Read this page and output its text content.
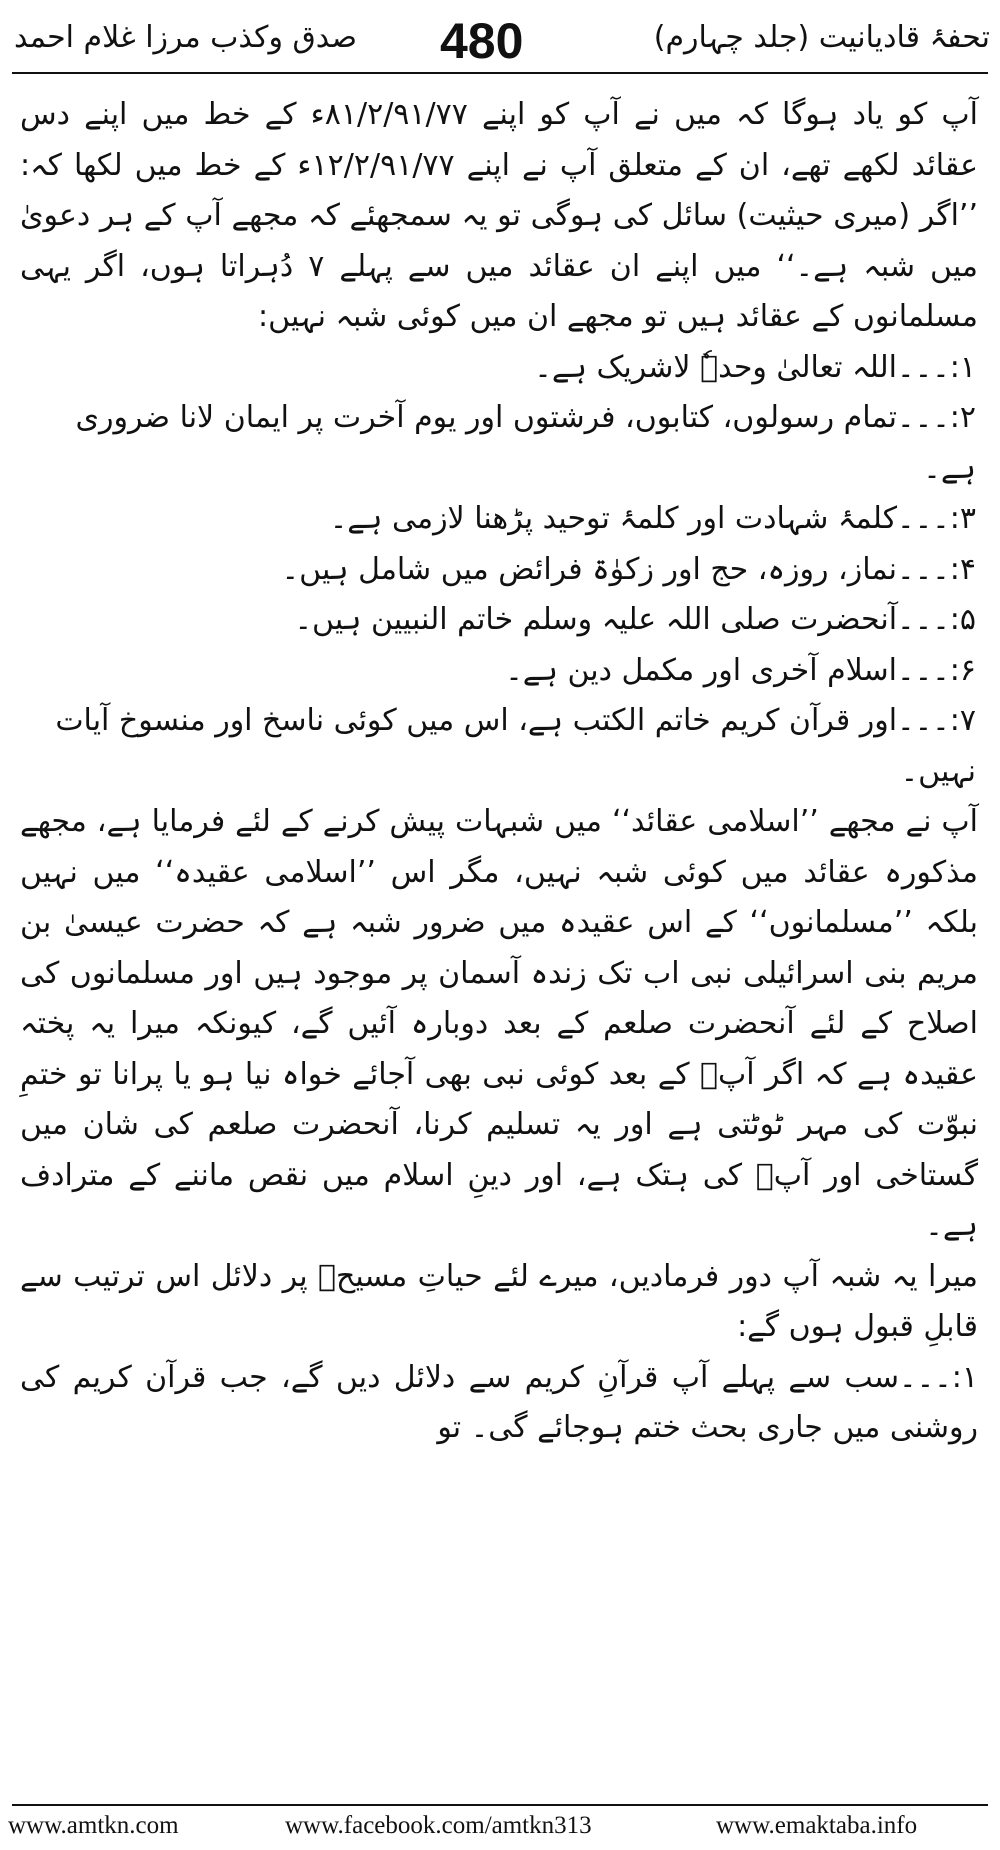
تحفۂ قادیانیت (جلد چہارم)
480
صدق وکذب مرزا غلام احمد

آپ کو یاد ہوگا کہ میں نے آپ کو اپنے ۸۱/۲/۹۱/۷۷ء کے خط میں اپنے دس عقائد لکھے تھے، ان کے متعلق آپ نے اپنے ۱۲/۲/۹۱/۷۷ء کے خط میں لکھا کہ: ’’اگر (میری حیثیت) سائل کی ہوگی تو یہ سمجھئے کہ مجھے آپ کے ہر دعویٰ میں شبہ ہے۔‘‘ میں اپنے ان عقائد میں سے پہلے ۷ دُہراتا ہوں، اگر یہی مسلمانوں کے عقائد ہیں تو مجھے ان میں کوئی شبہ نہیں:

۱:۔۔۔اللہ تعالیٰ وحدہٗ لاشریک ہے۔

۲:۔۔۔تمام رسولوں، کتابوں، فرشتوں اور یوم آخرت پر ایمان لانا ضروری ہے۔

۳:۔۔۔کلمۂ شہادت اور کلمۂ توحید پڑھنا لازمی ہے۔

۴:۔۔۔نماز، روزہ، حج اور زکوٰۃ فرائض میں شامل ہیں۔

۵:۔۔۔آنحضرت صلی اللہ علیہ وسلم خاتم النبیین ہیں۔

۶:۔۔۔اسلام آخری اور مکمل دین ہے۔

۷:۔۔۔اور قرآن کریم خاتم الکتب ہے، اس میں کوئی ناسخ اور منسوخ آیات نہیں۔

آپ نے مجھے ’’اسلامی عقائد‘‘ میں شبہات پیش کرنے کے لئے فرمایا ہے، مجھے مذکورہ عقائد میں کوئی شبہ نہیں، مگر اس ’’اسلامی عقیدہ‘‘ میں نہیں بلکہ ’’مسلمانوں‘‘ کے اس عقیدہ میں ضرور شبہ ہے کہ حضرت عیسیٰ بن مریم بنی اسرائیلی نبی اب تک زندہ آسمان پر موجود ہیں اور مسلمانوں کی اصلاح کے لئے آنحضرت صلعم کے بعد دوبارہ آئیں گے، کیونکہ میرا یہ پختہ عقیدہ ہے کہ اگر آپؐ کے بعد کوئی نبی بھی آجائے خواہ نیا ہو یا پرانا تو ختمِ نبوّت کی مہر ٹوٹتی ہے اور یہ تسلیم کرنا، آنحضرت صلعم کی شان میں گستاخی اور آپؐ کی ہتک ہے، اور دینِ اسلام میں نقص ماننے کے مترادف ہے۔

میرا یہ شبہ آپ دور فرمادیں، میرے لئے حیاتِ مسیحؑ پر دلائل اس ترتیب سے قابلِ قبول ہوں گے:

۱:۔۔۔سب سے پہلے آپ قرآنِ کریم سے دلائل دیں گے، جب قرآن کریم کی روشنی میں جاری بحث ختم ہوجائے گی۔ تو

www.amtkn.com	www.facebook.com/amtkn313	www.emaktaba.info
